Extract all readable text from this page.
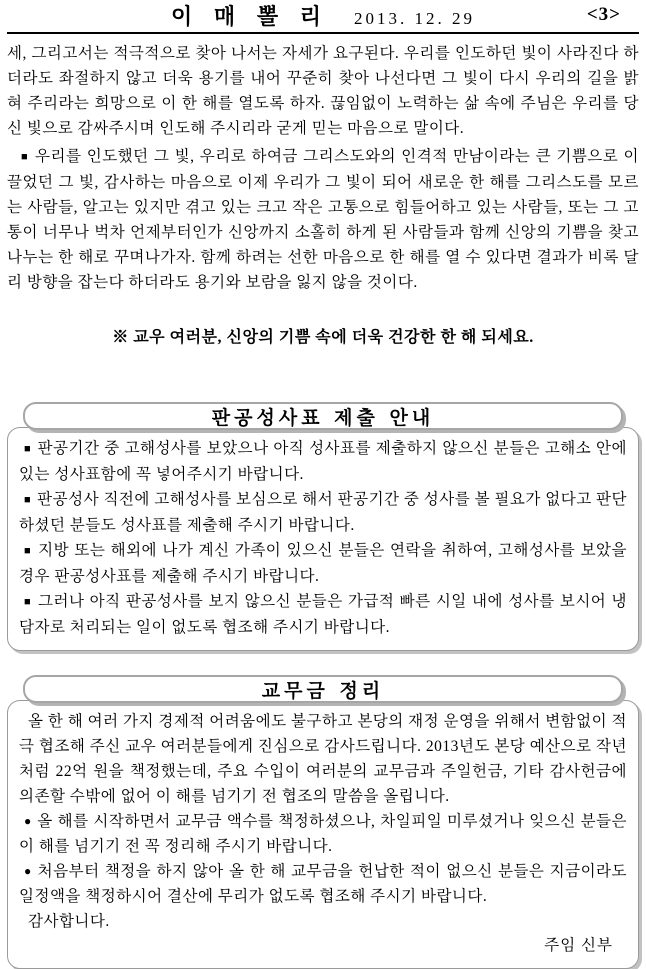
이 매 뽈 리 2013. 12. 29	<3>

세, 그리고서는 적극적으로 찾아 나서는 자세가 요구된다. 우리를 인도하던 빛이 사라진다 하더라도 좌절하지 않고 더욱 용기를 내어 꾸준히 찾아 나선다면 그 빛이 다시 우리의 길을 밝혀 주리라는 희망으로 이 한 해를 열도록 하자. 끊임없이 노력하는 삶 속에 주님은 우리를 당신 빛으로 감싸주시며 인도해 주시리라 굳게 믿는 마음으로 말이다.

■ 우리를 인도했던 그 빛, 우리로 하여금 그리스도와의 인격적 만남이라는 큰 기쁨으로 이끌었던 그 빛, 감사하는 마음으로 이제 우리가 그 빛이 되어 새로운 한 해를 그리스도를 모르는 사람들, 알고는 있지만 겪고 있는 크고 작은 고통으로 힘들어하고 있는 사람들, 또는 그 고통이 너무나 벅차 언제부터인가 신앙까지 소홀히 하게 된 사람들과 함께 신앙의 기쁨을 찾고 나누는 한 해로 꾸며나가자. 함께 하려는 선한 마음으로 한 해를 열 수 있다면 결과가 비록 달리 방향을 잡는다 하더라도 용기와 보람을 잃지 않을 것이다.

※ 교우 여러분, 신앙의 기쁨 속에 더욱 건강한 한 해 되세요.

판공성사표 제출 안내

■ 판공기간 중 고해성사를 보았으나 아직 성사표를 제출하지 않으신 분들은 고해소 안에 있는 성사표함에 꼭 넣어주시기 바랍니다.

■ 판공성사 직전에 고해성사를 보심으로 해서 판공기간 중 성사를 볼 필요가 없다고 판단하셨던 분들도 성사표를 제출해 주시기 바랍니다.

■ 지방 또는 해외에 나가 계신 가족이 있으신 분들은 연락을 취하여, 고해성사를 보았을 경우 판공성사표를 제출해 주시기 바랍니다.

■ 그러나 아직 판공성사를 보지 않으신 분들은 가급적 빠른 시일 내에 성사를 보시어 냉담자로 처리되는 일이 없도록 협조해 주시기 바랍니다.

교무금 정리

올 한 해 여러 가지 경제적 어려움에도 불구하고 본당의 재정 운영을 위해서 변함없이 적극 협조해 주신 교우 여러분들에게 진심으로 감사드립니다. 2013년도 본당 예산으로 작년처럼 22억 원을 책정했는데, 주요 수입이 여러분의 교무금과 주일헌금, 기타 감사헌금에 의존할 수밖에 없어 이 해를 넘기기 전 협조의 말씀을 올립니다.

● 올 해를 시작하면서 교무금 액수를 책정하셨으나, 차일피일 미루셨거나 잊으신 분들은 이 해를 넘기기 전 꼭 정리해 주시기 바랍니다.

● 처음부터 책정을 하지 않아 올 한 해 교무금을 헌납한 적이 없으신 분들은 지금이라도 일정액을 책정하시어 결산에 무리가 없도록 협조해 주시기 바랍니다.

감사합니다.

주임 신부
